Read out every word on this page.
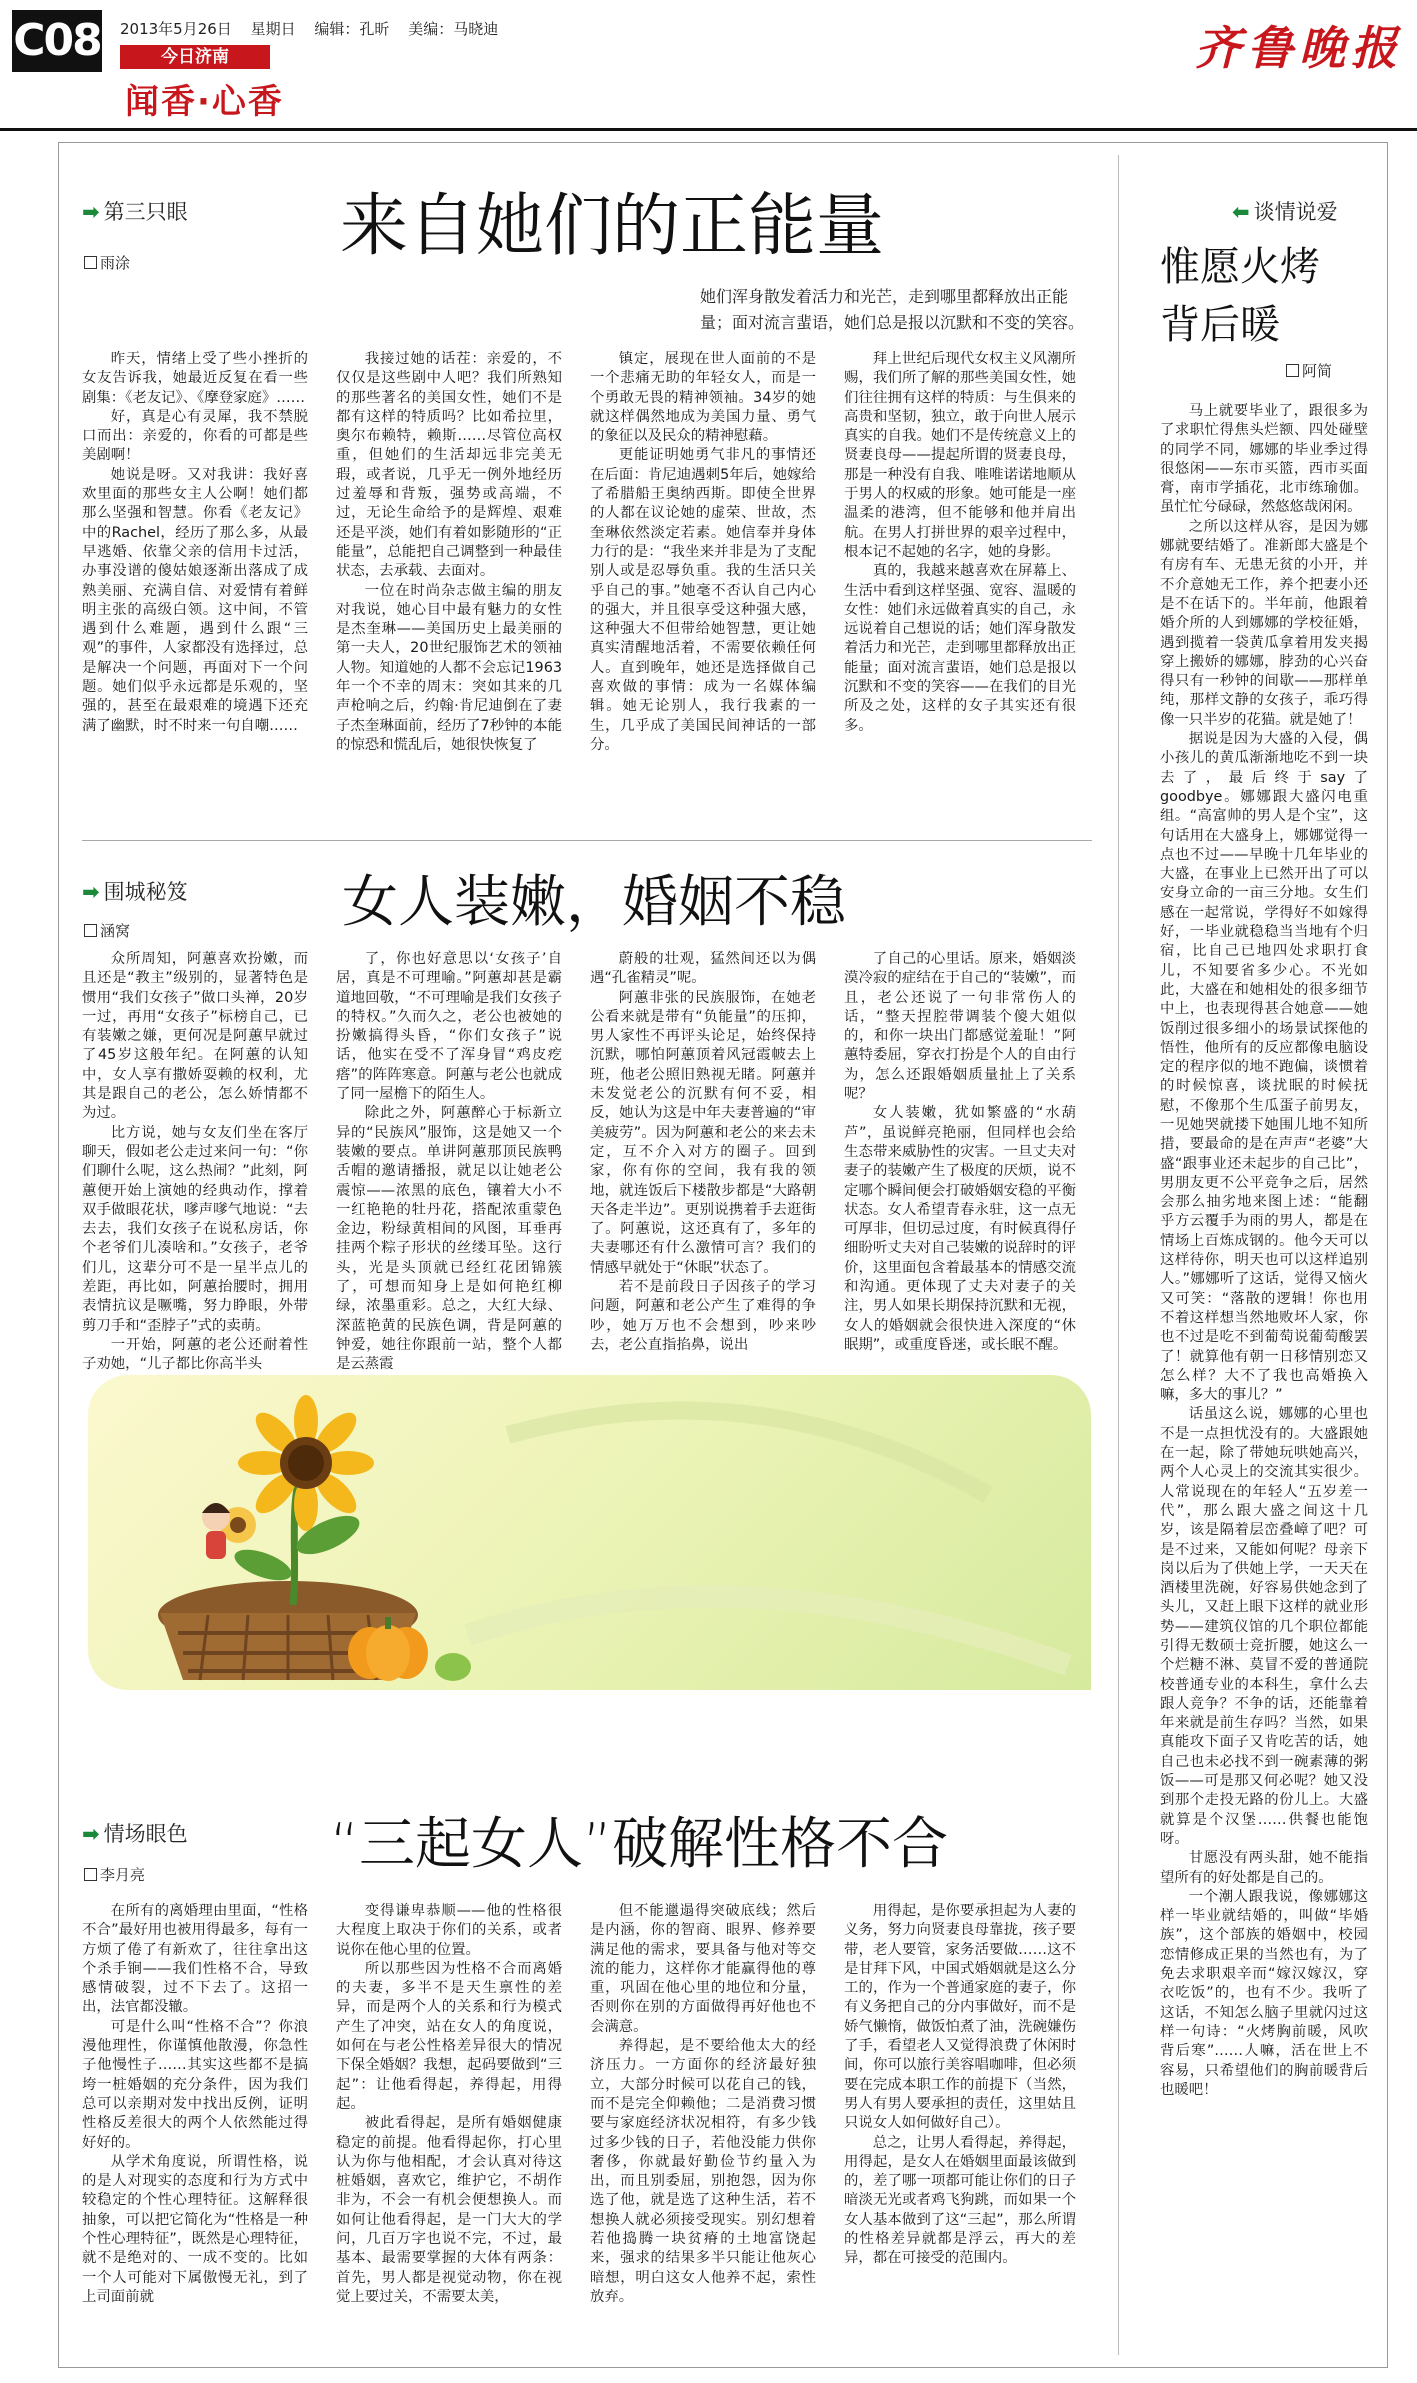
C08 2013年5月26日 星期日 编辑：孔昕 美编：马晓迪
今日济南
闻香·心香
齐鲁晚报
➡ 第三只眼
雨涂	来自她们的正能量
她们浑身散发着活力和光芒，走到哪里都释放出正能量；面对流言蜚语，她们总是报以沉默和不变的笑容。

昨天，情绪上受了些小挫折的女友告诉我，她最近反复在看一些剧集：《老友记》、《摩登家庭》……

好，真是心有灵犀，我不禁脱口而出：亲爱的，你看的可都是些美剧啊！

她说是呀。又对我讲：我好喜欢里面的那些女主人公啊！她们都那么坚强和智慧。你看《老友记》中的Rachel，经历了那么多，从最早逃婚、依靠父亲的信用卡过活，办事没谱的傻姑娘逐渐出落成了成熟美丽、充满自信、对爱情有着鲜明主张的高级白领。这中间，不管遇到什么难题，遇到什么跟“三观”的事件，人家都没有选择过，总是解决一个问题，再面对下一个问题。她们似乎永远都是乐观的，坚强的，甚至在最艰难的境遇下还充满了幽默，时不时来一句自嘲……

我接过她的话茬：亲爱的，不仅仅是这些剧中人吧？我们所熟知的那些著名的美国女性，她们不是都有这样的特质吗？比如希拉里，奥尔布赖特，赖斯……尽管位高权重，但她们的生活却远非完美无瑕，或者说，几乎无一例外地经历过羞辱和背叛，强势或高端，不过，无论生命给予的是辉煌、艰难还是平淡，她们有着如影随形的“正能量”，总能把自己调整到一种最佳状态，去承载、去面对。

一位在时尚杂志做主编的朋友对我说，她心目中最有魅力的女性是杰奎琳——美国历史上最美丽的第一夫人，20世纪服饰艺术的领袖人物。知道她的人都不会忘记1963年一个不幸的周末：突如其来的几声枪响之后，约翰·肯尼迪倒在了妻子杰奎琳面前，经历了7秒钟的本能的惊恐和慌乱后，她很快恢复了

镇定，展现在世人面前的不是一个悲痛无助的年轻女人，而是一个勇敢无畏的精神领袖。34岁的她就这样偶然地成为美国力量、勇气的象征以及民众的精神慰藉。

更能证明她勇气非凡的事情还在后面：肯尼迪遇刺5年后，她嫁给了希腊船王奥纳西斯。即使全世界的人都在议论她的虚荣、世故，杰奎琳依然淡定若素。她信奉并身体力行的是：“我坐来并非是为了支配别人或是忍辱负重。我的生活只关乎自己的事。”她毫不否认自己内心的强大，并且很享受这种强大感，这种强大不但带给她智慧，更让她真实清醒地活着，不需要依赖任何人。直到晚年，她还是选择做自己喜欢做的事情：成为一名媒体编辑。她无论别人，我行我素的一生，几乎成了美国民间神话的一部分。

拜上世纪后现代女权主义风潮所赐，我们所了解的那些美国女性，她们往往拥有这样的特质：与生俱来的高贵和坚韧，独立，敢于向世人展示真实的自我。她们不是传统意义上的贤妻良母——提起所谓的贤妻良母，那是一种没有自我、唯唯诺诺地顺从于男人的权威的形象。她可能是一座温柔的港湾，但不能够和他并肩出航。在男人打拼世界的艰辛过程中，根本记不起她的名字，她的身影。

真的，我越来越喜欢在屏幕上、生活中看到这样坚强、宽容、温暖的女性：她们永远做着真实的自己，永远说着自己想说的话；她们浑身散发着活力和光芒，走到哪里都释放出正能量；面对流言蜚语，她们总是报以沉默和不变的笑容——在我们的目光所及之处，这样的女子其实还有很多。

➡ 围城秘笈
涵窝	女人装嫩，婚姻不稳

众所周知，阿蕙喜欢扮嫩，而且还是“教主”级别的，显著特色是惯用“我们女孩子”做口头禅，20岁一过，再用“女孩子”标榜自己，已有装嫩之嫌，更何况是阿蕙早就过了45岁这般年纪。在阿蕙的认知中，女人享有撒娇耍赖的权利，尤其是跟自己的老公，怎么娇情都不为过。

比方说，她与女友们坐在客厅聊天，假如老公走过来问一句：“你们聊什么呢，这么热闹？”此刻，阿蕙便开始上演她的经典动作，撑着双手做眼花状，嗲声嗲气地说：“去去去，我们女孩子在说私房话，你个老爷们儿凑啥和。”女孩子，老爷们儿，这辈分可不是一星半点儿的差距，再比如，阿蕙抬腰时，拥用表情抗议是噘嘴，努力睁眼，外带剪刀手和“歪脖子”式的卖萌。

一开始，阿蕙的老公还耐着性子劝她，“儿子都比你高半头

了，你也好意思以‘女孩子’自居，真是不可理喻。”阿蕙却甚是霸道地回敬，“不可理喻是我们女孩子的特权。”久而久之，老公也被她的扮嫩搞得头昏，“你们女孩子”说话，他实在受不了浑身冒“鸡皮疙瘩”的阵阵寒意。阿蕙与老公也就成了同一屋檐下的陌生人。

除此之外，阿蕙醉心于标新立异的“民族风”服饰，这是她又一个装嫩的要点。单讲阿蕙那顶民族鸭舌帽的邀请播报，就足以让她老公震惊——浓黑的底色，镶着大小不一红艳艳的牡丹花，搭配浓重蒙色金边，粉绿黄相间的风图，耳垂再挂两个粽子形状的丝缕耳坠。这行头，光是头顶就已经红花团锦簇了，可想而知身上是如何艳红柳绿，浓墨重彩。总之，大红大绿、深蓝艳黄的民族色调，背是阿蕙的钟爱，她往你跟前一站，整个人都是云蒸霞

蔚般的壮观，猛然间还以为偶遇“孔雀精灵”呢。

阿蕙非张的民族服饰，在她老公看来就是带有“负能量”的压抑，男人家性不再评头论足，始终保持沉默，哪怕阿蕙顶着风冠霞帔去上班，他老公照旧熟视无睹。阿蕙并未发觉老公的沉默有何不妥，相反，她认为这是中年夫妻普遍的“审美疲劳”。因为阿蕙和老公的来去未定，互不介入对方的圈子。回到家，你有你的空间，我有我的领地，就连饭后下楼散步都是“大路朝天各走半边”。更别说携着手去逛街了。阿蕙说，这还真有了，多年的夫妻哪还有什么激情可言？我们的情感早就处于“休眠”状态了。

若不是前段日子因孩子的学习问题，阿蕙和老公产生了难得的争吵，她万万也不会想到，吵来吵去，老公直指掐鼻，说出

了自己的心里话。原来，婚姻淡漠冷寂的症结在于自己的“装嫩”，而且，老公还说了一句非常伤人的话，“整天捏腔带调装个傻大姐似的，和你一块出门都感觉羞耻！”阿蕙特委屈，穿衣打扮是个人的自由行为，怎么还跟婚姻质量扯上了关系呢？

女人装嫩，犹如繁盛的“水葫芦”，虽说鲜亮艳丽，但同样也会给生态带来威胁性的灾害。一旦丈夫对妻子的装嫩产生了极度的厌烦，说不定哪个瞬间便会打破婚姻安稳的平衡状态。女人希望青春永驻，这一点无可厚非，但切忌过度，有时候真得仔细盼听丈夫对自己装嫩的说辞时的评价，这里面包含着最基本的情感交流和沟通。更体现了丈夫对妻子的关注，男人如果长期保持沉默和无视，女人的婚姻就会很快进入深度的“休眠期”，或重度昏迷，或长眠不醒。

➡ 情场眼色
李月亮	“三起女人”破解性格不合

在所有的离婚理由里面，“性格不合”最好用也被用得最多，每有一方烦了倦了有新欢了，往往拿出这个杀手锏——我们性格不合，导致感情破裂，过不下去了。这招一出，法官都没辙。

可是什么叫“性格不合”？你浪漫他理性，你谨慎他散漫，你急性子他慢性子……其实这些都不是搞垮一桩婚姻的充分条件，因为我们总可以亲期对发中找出反例，证明性格反差很大的两个人依然能过得好好的。

从学术角度说，所谓性格，说的是人对现实的态度和行为方式中较稳定的个性心理特征。这解释很抽象，可以把它简化为“性格是一种个性心理特征”，既然是心理特征，就不是绝对的、一成不变的。比如一个人可能对下属傲慢无礼，到了上司面前就

变得谦卑恭顺——他的性格很大程度上取决于你们的关系，或者说你在他心里的位置。

所以那些因为性格不合而离婚的夫妻，多半不是天生禀性的差异，而是两个人的关系和行为模式产生了冲突，站在女人的角度说，如何在与老公性格差异很大的情况下保全婚姻？我想，起码要做到“三起”：让他看得起，养得起，用得起。

被此看得起，是所有婚姻健康稳定的前提。他看得起你，打心里认为你与他相配，才会认真对待这桩婚姻，喜欢它，维护它，不胡作非为，不会一有机会便想换人。而如何让他看得起，是一门大大的学问，几百万字也说不完，不过，最基本、最需要掌握的大体有两条：首先，男人都是视觉动物，你在视觉上要过关，不需要太美，

但不能邋遢得突破底线；然后是内涵，你的智商、眼界、修养要满足他的需求，要具备与他对等交流的能力，这样你才能赢得他的尊重，巩固在他心里的地位和分量，否则你在别的方面做得再好他也不会满意。

养得起，是不要给他太大的经济压力。一方面你的经济最好独立，大部分时候可以花自己的钱，而不是完全仰赖他；二是消费习惯要与家庭经济状况相符，有多少钱过多少钱的日子，若他没能力供你奢侈，你就最好勤俭节约量入为出，而且别委屈，别抱怨，因为你选了他，就是选了这种生活，若不想换人就必须接受现实。别幻想着若他捣腾一块贫瘠的土地富饶起来，强求的结果多半只能让他灰心暗想，明白这女人他养不起，索性放弃。

用得起，是你要承担起为人妻的义务，努力向贤妻良母靠拢，孩子要带，老人要管，家务活要做……这不是甘拜下风，中国式婚姻就是这么分工的，作为一个普通家庭的妻子，你有义务把自己的分内事做好，而不是娇气懒惰，做饭怕煮了油，洗碗嫌伤了手，看望老人又觉得浪费了休闲时间，你可以旅行美容唱咖啡，但必须要在完成本职工作的前提下（当然，男人有男人要承担的责任，这里姑且只说女人如何做好自己）。

总之，让男人看得起，养得起，用得起，是女人在婚姻里面最该做到的，差了哪一项都可能让你们的日子暗淡无光或者鸡飞狗跳，而如果一个女人基本做到了这“三起”，那么所谓的性格差异就都是浮云，再大的差异，都在可接受的范围内。

⬅ 谈情说爱
惟愿火烤
背后暖
阿简

马上就要毕业了，跟很多为了求职忙得焦头烂额、四处碰壁的同学不同，娜娜的毕业季过得很悠闲——东市买篮，西市买面膏，南市学插花，北市练瑜伽。虽忙忙兮碌碌，然悠悠哉闲闲。

之所以这样从容，是因为娜娜就要结婚了。准新郎大盛是个有房有车、无患无贫的小开，并不介意她无工作，养个把妻小还是不在话下的。半年前，他跟着婚介所的人到娜娜的学校征婚，遇到揽着一袋黄瓜拿着用发夹揭穿上搬娇的娜娜，脖劲的心兴奋得只有一秒钟的间歇——那样单纯，那样文静的女孩子，乖巧得像一只半岁的花猫。就是她了！

据说是因为大盛的入侵，偶小孩儿的黄瓜渐渐地吃不到一块去了，最后终于say了goodbye。娜娜跟大盛闪电重组。“高富帅的男人是个宝”，这句话用在大盛身上，娜娜觉得一点也不过——早晚十几年毕业的大盛，在事业上已然开出了可以安身立命的一亩三分地。女生们感在一起常说，学得好不如嫁得好，一毕业就稳稳当当地有个归宿，比自己已地四处求职打食儿，不知要省多少心。不光如此，大盛在和她相处的很多细节中上，也表现得甚合她意——她饭削过很多细小的场景试探他的悟性，他所有的反应都像电脑设定的程序似的地不跑偏，谈惯着的时候惊喜，谈扰眠的时候抚慰，不像那个生瓜蛋子前男友，一见她哭就搂下她围儿地不知所措，要最命的是在声声“老婆”大盛“跟事业还未起步的自己比”，男朋友更不公平竞争之后，居然会那么抽劣地来图上述：“能翻乎方云覆手为雨的男人，都是在情场上百炼成钢的。他今天可以这样待你，明天也可以这样追别人。”娜娜听了这话，觉得又恼火又可笑：“落散的逻辑！你也用不着这样想当然地败坏人家，你也不过是吃不到葡萄说葡萄酸罢了！就算他有朝一日移情别恋又怎么样？大不了我也高婚换入嘛，多大的事儿？”

话虽这么说，娜娜的心里也不是一点担忧没有的。大盛跟她在一起，除了带她玩哄她高兴，两个人心灵上的交流其实很少。人常说现在的年轻人“五岁差一代”，那么跟大盛之间这十几岁，该是隔着层峦叠嶂了吧？可是不过来，又能如何呢？母亲下岗以后为了供她上学，一天天在酒楼里洗碗，好容易供她念到了头儿，又赶上眼下这样的就业形势——建筑仪馆的几个职位都能引得无数硕士竞折腰，她这么一个烂糖不淋、莫冒不爱的普通院校普通专业的本科生，拿什么去跟人竞争？不争的话，还能靠着年来就是前生存吗？当然，如果真能攻下面子又肯吃苦的话，她自己也未必找不到一碗素薄的粥饭——可是那又何必呢？她又没到那个走投无路的份儿上。大盛就算是个汉堡……供餐也能饱呀。

甘愿没有两头甜，她不能指望所有的好处都是自己的。

一个潮人跟我说，像娜娜这样一毕业就结婚的，叫做“毕婚族”，这个部族的婚姻中，校园恋情修成正果的当然也有，为了免去求职艰辛而“嫁汉嫁汉，穿衣吃饭”的，也有不少。我听了这话，不知怎么脑子里就闪过这样一句诗：“火烤胸前暖，风吹背后寒”……人嘛，活在世上不容易，只希望他们的胸前暖背后也暖吧！
